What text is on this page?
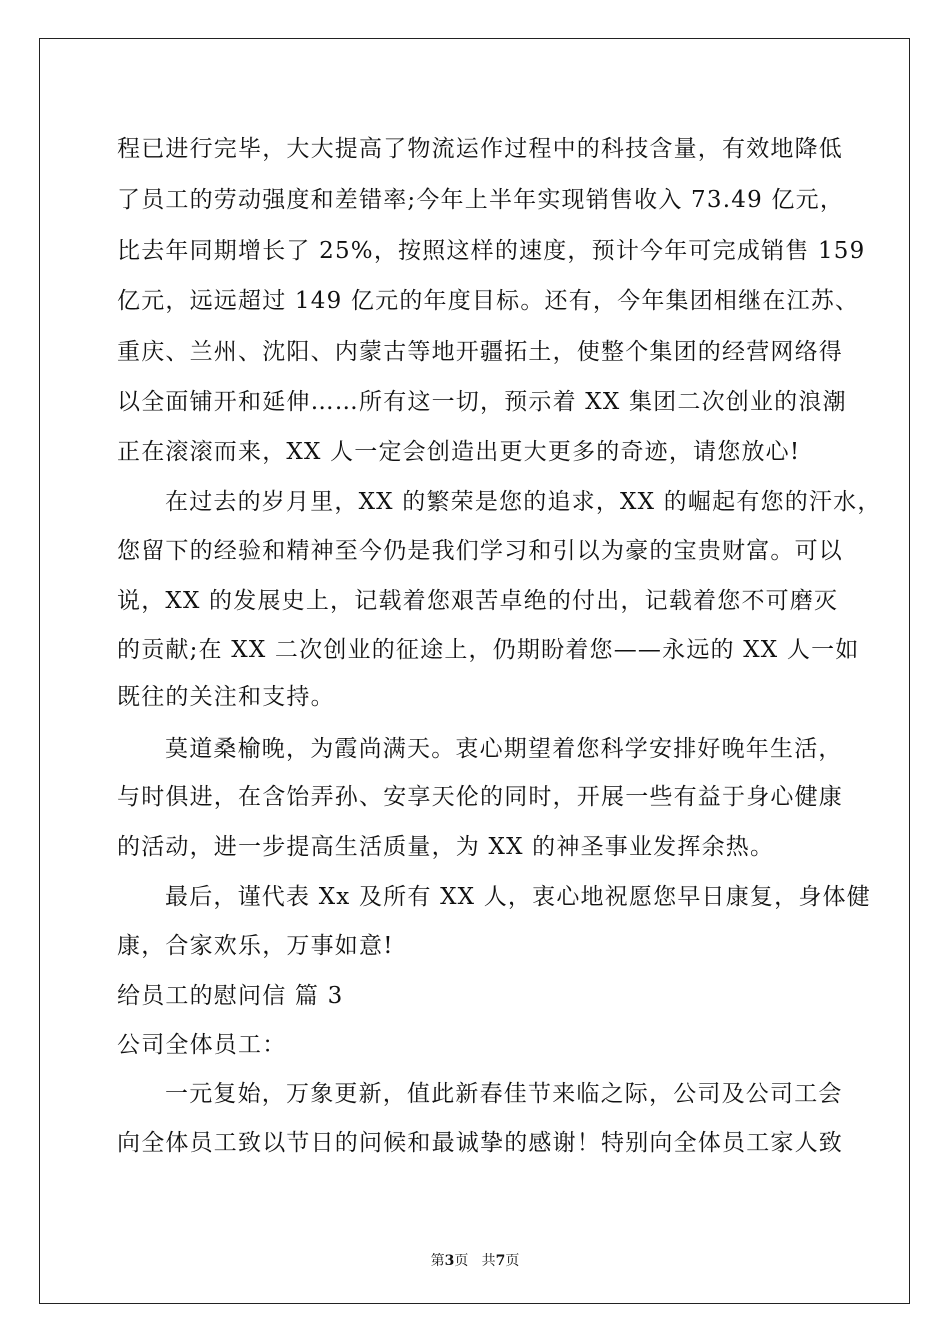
程已进行完毕，大大提高了物流运作过程中的科技含量，有效地降低
了员工的劳动强度和差错率;今年上半年实现销售收入 73.49 亿元，
比去年同期增长了 25%，按照这样的速度，预计今年可完成销售 159
亿元，远远超过 149 亿元的年度目标。还有，今年集团相继在江苏、
重庆、兰州、沈阳、内蒙古等地开疆拓土，使整个集团的经营网络得
以全面铺开和延伸……所有这一切，预示着 XX 集团二次创业的浪潮
正在滚滚而来，XX 人一定会创造出更大更多的奇迹，请您放心!
在过去的岁月里，XX 的繁荣是您的追求，XX 的崛起有您的汗水，
您留下的经验和精神至今仍是我们学习和引以为豪的宝贵财富。可以
说，XX 的发展史上，记载着您艰苦卓绝的付出，记载着您不可磨灭
的贡献;在 XX 二次创业的征途上，仍期盼着您——永远的 XX 人一如
既往的关注和支持。
莫道桑榆晚，为霞尚满天。衷心期望着您科学安排好晚年生活，
与时俱进，在含饴弄孙、安享天伦的同时，开展一些有益于身心健康
的活动，进一步提高生活质量，为 XX 的神圣事业发挥余热。
最后，谨代表 Xx 及所有 XX 人，衷心地祝愿您早日康复，身体健
康，合家欢乐，万事如意!
给员工的慰问信 篇 3
公司全体员工：
一元复始，万象更新，值此新春佳节来临之际，公司及公司工会
向全体员工致以节日的问候和最诚挚的感谢！特别向全体员工家人致
第3页 共7页
